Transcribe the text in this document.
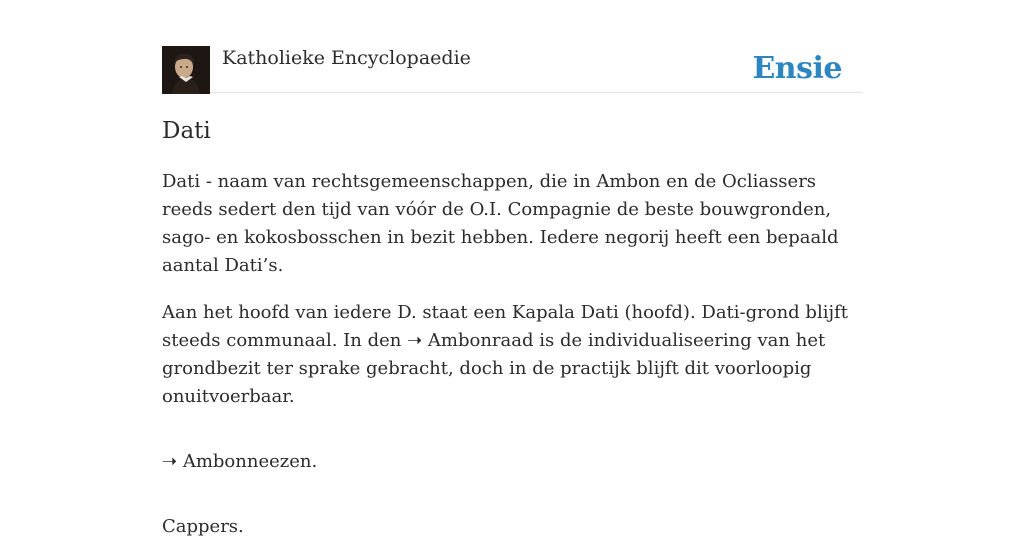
Katholieke Encyclopaedie	Ensie
Dati

Dati - naam van rechtsgemeenschappen, die in Ambon en de Ocliassers reeds sedert den tijd van vóór de O.I. Compagnie de beste bouwgronden, sago- en kokosbosschen in bezit hebben. Iedere negorij heeft een bepaald aantal Dati’s.

Aan het hoofd van iedere D. staat een Kapala Dati (hoofd). Dati-grond blijft steeds communaal. In den ➝ Ambonraad is de individualiseering van het grondbezit ter sprake gebracht, doch in de practijk blijft dit voorloopig onuitvoerbaar.

➝ Ambonneezen.

Cappers.
